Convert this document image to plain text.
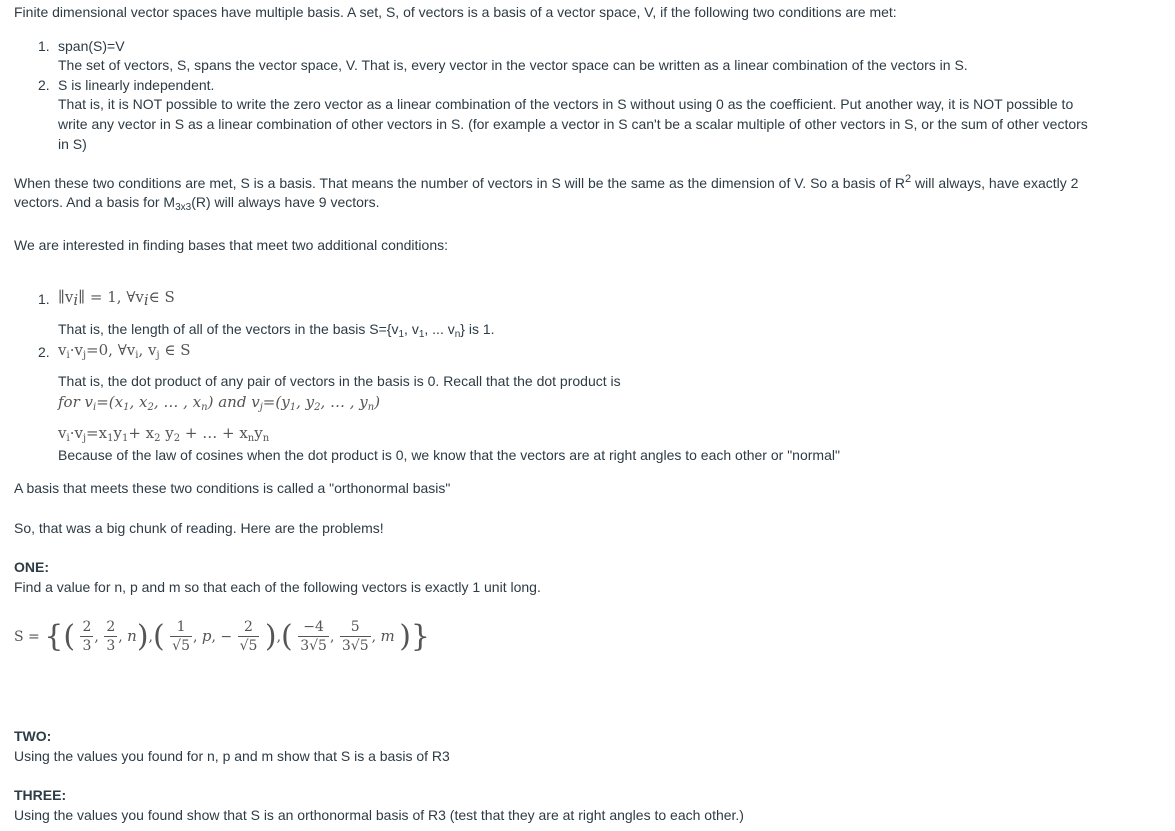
Finite dimensional vector spaces have multiple basis. A set, S, of vectors is a basis of a vector space, V, if the following two conditions are met:
1. span(S)=V
The set of vectors, S, spans the vector space, V. That is, every vector in the vector space can be written as a linear combination of the vectors in S.
2. S is linearly independent.
That is, it is NOT possible to write the zero vector as a linear combination of the vectors in S without using 0 as the coefficient. Put another way, it is NOT possible to
write any vector in S as a linear combination of other vectors in S. (for example a vector in S can't be a scalar multiple of other vectors in S, or the sum of other vectors
in S)
When these two conditions are met, S is a basis. That means the number of vectors in S will be the same as the dimension of V. So a basis of $R^2$ will always, have exactly 2
vectors. And a basis for $M_{3x3}(R)$ will always have 9 vectors.
We are interested in finding bases that meet two additional conditions:
1. $\parallel v_i\parallel = 1$, $\forall v_i\in$ S
That is, the length of all of the vectors in the basis $S=\{v_1$, $v_1$, ... $v_n$} is 1.
2. $v_i\cdot v_j=0$, $\forall v_i$, $v_j$ ∈ S
That is, the dot product of any pair of vectors in the basis is 0. Recall that the dot product is
for $v_i=(x_1$, $x_2$, … , $x_n$) and $v_j=(y_1$, $y_2$, … , $y_n$)
$v_i\cdot v_j=x_1y_1+ x_2$ $y_2$ + … + $x_ny_n$
Because of the law of cosines when the dot product is 0, we know that the vectors are at right angles to each other or "normal"
A basis that meets these two conditions is called a "orthonormal basis"
So, that was a big chunk of reading. Here are the problems!
ONE:
Find a value for n, p and m so that each of the following vectors is exactly 1 unit long.
S = {( $\frac{2}{3}$ , $\frac{2}{3}$ , $n),( \frac{1}{√5}$ , p, − $\frac{2}{√5}$ ),( $\frac{-4}{3√5}$ , $\frac{5}{3√5}$ , m )}
TWO:
Using the values you found for n, p and m show that S is a basis of R3
THREE:
Using the values you found show that S is an orthonormal basis of R3 (test that they are at right angles to each other.)
